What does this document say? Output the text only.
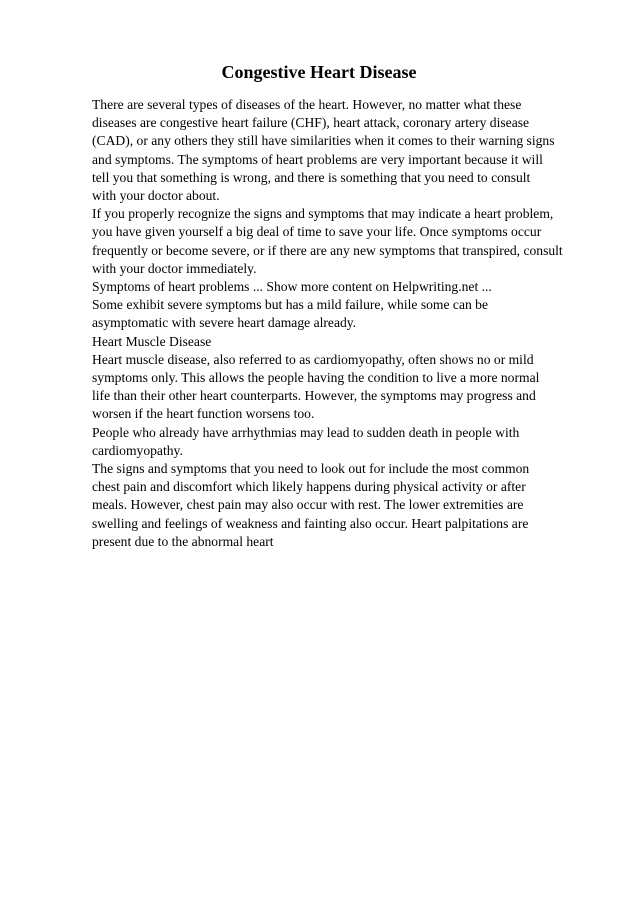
Congestive Heart Disease
There are several types of diseases of the heart. However, no matter what these
diseases are congestive heart failure (CHF), heart attack, coronary artery disease
(CAD), or any others they still have similarities when it comes to their warning signs
and symptoms. The symptoms of heart problems are very important because it will
tell you that something is wrong, and there is something that you need to consult
with your doctor about.
If you properly recognize the signs and symptoms that may indicate a heart problem,
you have given yourself a big deal of time to save your life. Once symptoms occur
frequently or become severe, or if there are any new symptoms that transpired, consult
with your doctor immediately.
Symptoms of heart problems ... Show more content on Helpwriting.net ...
Some exhibit severe symptoms but has a mild failure, while some can be
asymptomatic with severe heart damage already.
Heart Muscle Disease
Heart muscle disease, also referred to as cardiomyopathy, often shows no or mild
symptoms only. This allows the people having the condition to live a more normal
life than their other heart counterparts. However, the symptoms may progress and
worsen if the heart function worsens too.
People who already have arrhythmias may lead to sudden death in people with
cardiomyopathy.
The signs and symptoms that you need to look out for include the most common
chest pain and discomfort which likely happens during physical activity or after
meals. However, chest pain may also occur with rest. The lower extremities are
swelling and feelings of weakness and fainting also occur. Heart palpitations are
present due to the abnormal heart
